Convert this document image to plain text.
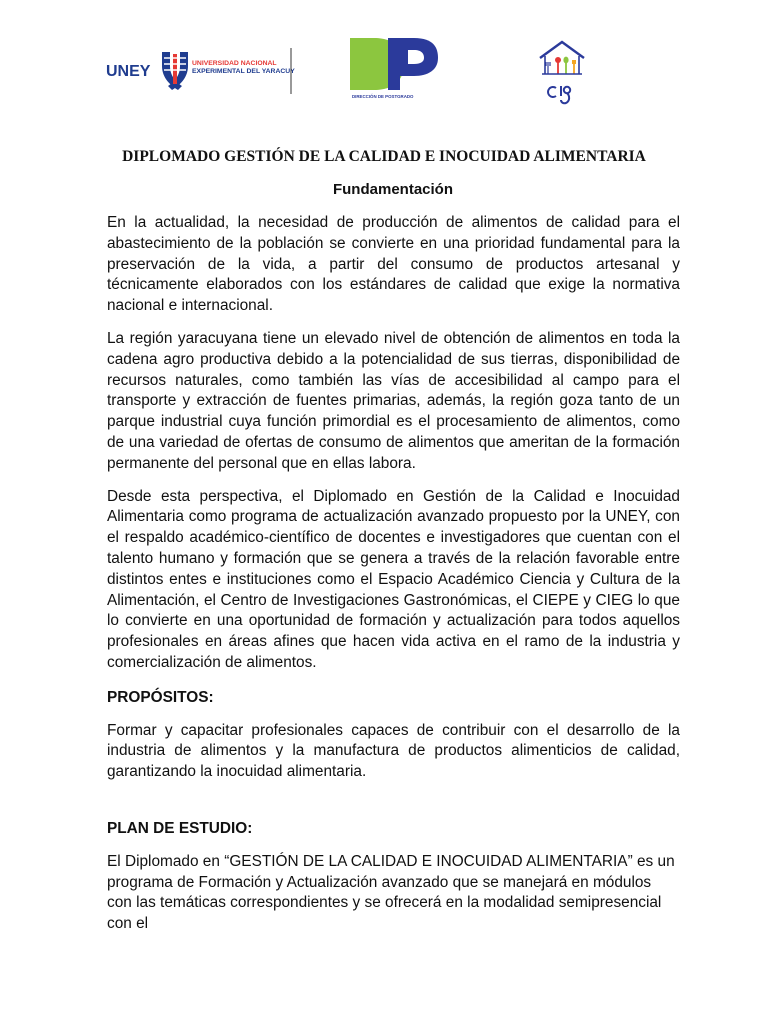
UNEY	UNIVERSIDAD NACIONAL
EXPERIMENTAL DEL YARACUY
DIRECCIÓN DE POSTGRADO
DIPLOMADO GESTIÓN DE LA CALIDAD E INOCUIDAD ALIMENTARIA
Fundamentación

En la actualidad, la necesidad de producción de alimentos de calidad para el abastecimiento de la población se convierte en una prioridad fundamental para la preservación de la vida, a partir del consumo de productos artesanal y técnicamente elaborados con los estándares de calidad que exige la normativa nacional e internacional.

La región yaracuyana tiene un elevado nivel de obtención de alimentos en toda la cadena agro productiva debido a la potencialidad de sus tierras, disponibilidad de recursos naturales, como también las vías de accesibilidad al campo para el transporte y extracción de fuentes primarias, además, la región goza tanto de un parque industrial cuya función primordial es el procesamiento de alimentos, como de una variedad de ofertas de consumo de alimentos que ameritan de la formación permanente del personal que en ellas labora.

Desde esta perspectiva, el Diplomado en Gestión de la Calidad e Inocuidad Alimentaria como programa de actualización avanzado propuesto por la UNEY, con el respaldo académico-científico de docentes e investigadores que cuentan con el talento humano y formación que se genera a través de la relación favorable entre distintos entes e instituciones como el Espacio Académico Ciencia y Cultura de la Alimentación, el Centro de Investigaciones Gastronómicas, el CIEPE y CIEG lo que lo convierte en una oportunidad de formación y actualización para todos aquellos profesionales en áreas afines que hacen vida activa en el ramo de la industria y comercialización de alimentos.

PROPÓSITOS:

Formar y capacitar profesionales capaces de contribuir con el desarrollo de la industria de alimentos y la manufactura de productos alimenticios de calidad, garantizando la inocuidad alimentaria.

PLAN DE ESTUDIO:

El Diplomado en “GESTIÓN DE LA CALIDAD E INOCUIDAD ALIMENTARIA” es un programa de Formación y Actualización avanzado que se manejará en módulos con las temáticas correspondientes y se ofrecerá en la modalidad semipresencial con el
